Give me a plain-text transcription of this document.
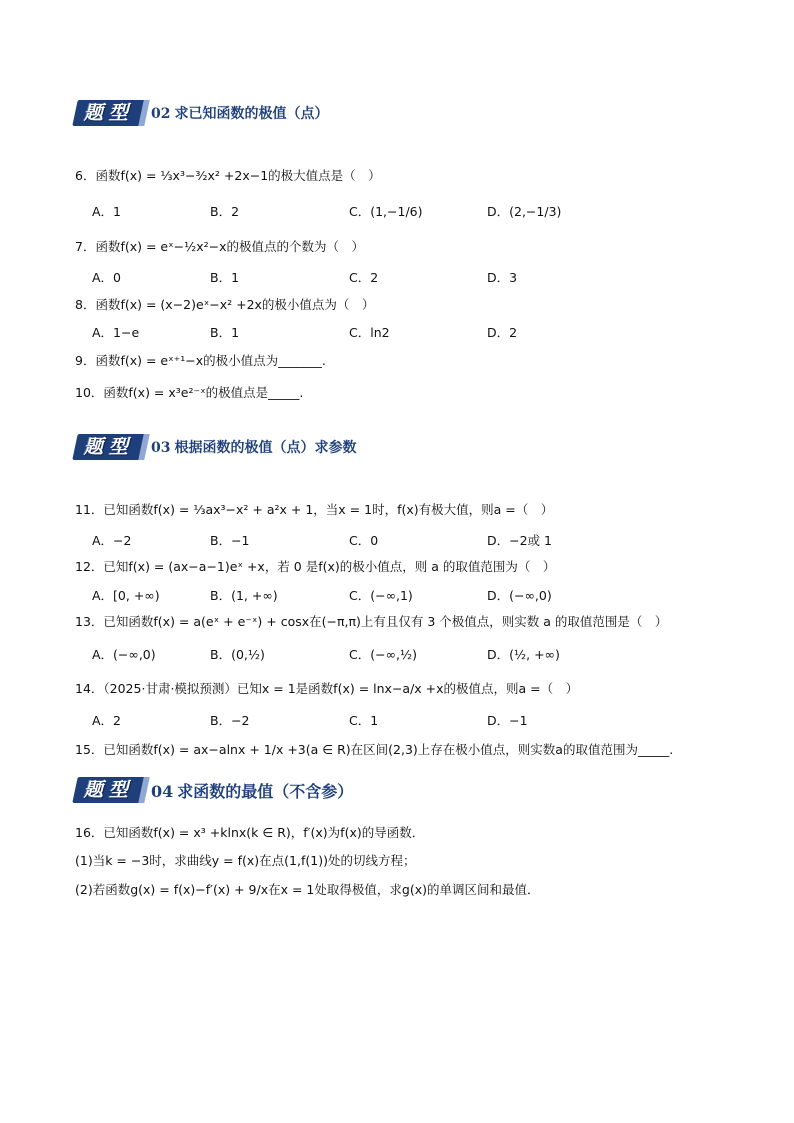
题型	02 求已知函数的极值（点）
6．函数f(x) = ⅓x³−³⁄₂x² +2x−1的极大值点是（　）
A．1	B．2	C．(1,−1/6)	D．(2,−1/3)
7．函数f(x) = eˣ−½x²−x的极值点的个数为（　）
A．0	B．1	C．2	D．3
8．函数f(x) = (x−2)eˣ−x² +2x的极小值点为（　）
A．1−e	B．1	C．ln2	D．2
9．函数f(x) = eˣ⁺¹−x的极小值点为_______.
10．函数f(x) = x³e²⁻ˣ的极值点是_____.
题型	03 根据函数的极值（点）求参数
11．已知函数f(x) = ⅓ax³−x² + a²x + 1，当x = 1时，f(x)有极大值，则a =（　）
A．−2	B．−1	C．0	D．−2或 1
12．已知f(x) = (ax−a−1)eˣ +x，若 0 是f(x)的极小值点，则 a 的取值范围为（　）
A．[0, +∞)	B．(1, +∞)	C．(−∞,1)	D．(−∞,0)
13．已知函数f(x) = a(eˣ + e⁻ˣ) + cosx在(−π,π)上有且仅有 3 个极值点，则实数 a 的取值范围是（　）
A．(−∞,0)	B．(0,½)	C．(−∞,½)	D．(½, +∞)
14．（2025·甘肃·模拟预测）已知x = 1是函数f(x) = lnx−a/x +x的极值点，则a =（　）
A．2	B．−2	C．1	D．−1
15．已知函数f(x) = ax−alnx + 1/x +3(a ∈ R)在区间(2,3)上存在极小值点，则实数a的取值范围为_____.
题型	04 求函数的最值（不含参）
16．已知函数f(x) = x³ +klnx(k ∈ R)，f′(x)为f(x)的导函数．
(1)当k = −3时，求曲线y = f(x)在点(1,f(1))处的切线方程；
(2)若函数g(x) = f(x)−f′(x) + 9/x在x = 1处取得极值，求g(x)的单调区间和最值．
